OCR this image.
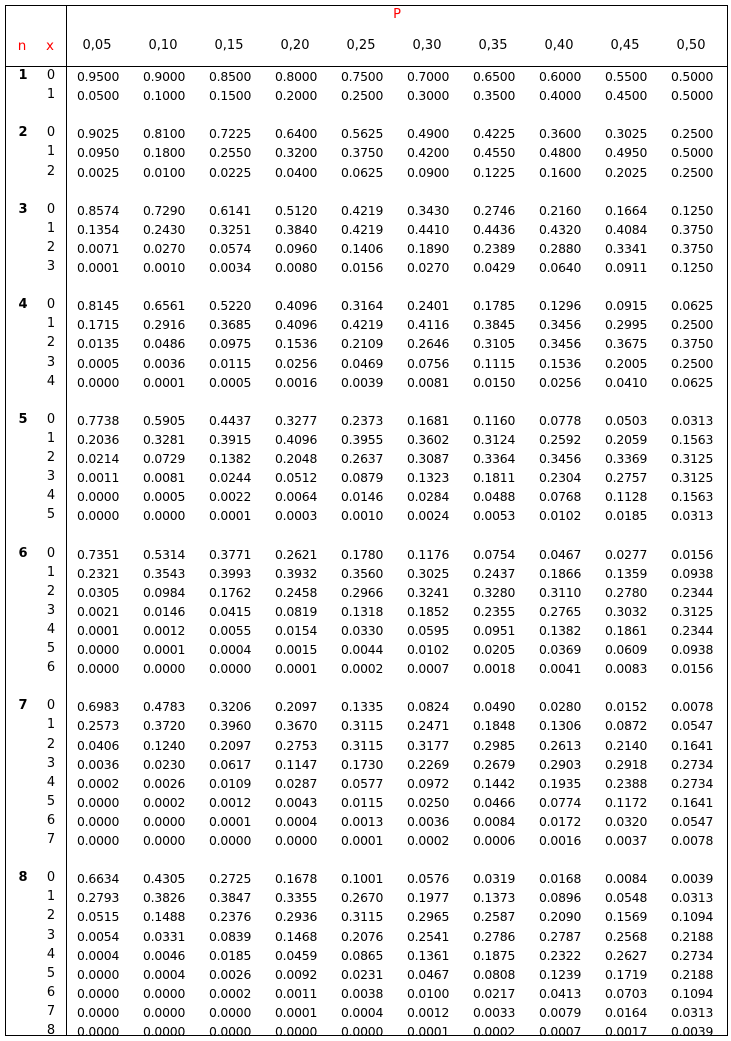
P
n	x	0,05	0,10	0,15	0,20	0,25	0,30	0,35	0,40	0,45	0,50
1	0	0.9500	0.9000	0.8500	0.8000	0.7500	0.7000	0.6500	0.6000	0.5500	0.5000
1	0.0500	0.1000	0.1500	0.2000	0.2500	0.3000	0.3500	0.4000	0.4500	0.5000
2	0	0.9025	0.8100	0.7225	0.6400	0.5625	0.4900	0.4225	0.3600	0.3025	0.2500
1	0.0950	0.1800	0.2550	0.3200	0.3750	0.4200	0.4550	0.4800	0.4950	0.5000
2	0.0025	0.0100	0.0225	0.0400	0.0625	0.0900	0.1225	0.1600	0.2025	0.2500
3	0	0.8574	0.7290	0.6141	0.5120	0.4219	0.3430	0.2746	0.2160	0.1664	0.1250
1	0.1354	0.2430	0.3251	0.3840	0.4219	0.4410	0.4436	0.4320	0.4084	0.3750
2	0.0071	0.0270	0.0574	0.0960	0.1406	0.1890	0.2389	0.2880	0.3341	0.3750
3	0.0001	0.0010	0.0034	0.0080	0.0156	0.0270	0.0429	0.0640	0.0911	0.1250
4	0	0.8145	0.6561	0.5220	0.4096	0.3164	0.2401	0.1785	0.1296	0.0915	0.0625
1	0.1715	0.2916	0.3685	0.4096	0.4219	0.4116	0.3845	0.3456	0.2995	0.2500
2	0.0135	0.0486	0.0975	0.1536	0.2109	0.2646	0.3105	0.3456	0.3675	0.3750
3	0.0005	0.0036	0.0115	0.0256	0.0469	0.0756	0.1115	0.1536	0.2005	0.2500
4	0.0000	0.0001	0.0005	0.0016	0.0039	0.0081	0.0150	0.0256	0.0410	0.0625
5	0	0.7738	0.5905	0.4437	0.3277	0.2373	0.1681	0.1160	0.0778	0.0503	0.0313
1	0.2036	0.3281	0.3915	0.4096	0.3955	0.3602	0.3124	0.2592	0.2059	0.1563
2	0.0214	0.0729	0.1382	0.2048	0.2637	0.3087	0.3364	0.3456	0.3369	0.3125
3	0.0011	0.0081	0.0244	0.0512	0.0879	0.1323	0.1811	0.2304	0.2757	0.3125
4	0.0000	0.0005	0.0022	0.0064	0.0146	0.0284	0.0488	0.0768	0.1128	0.1563
5	0.0000	0.0000	0.0001	0.0003	0.0010	0.0024	0.0053	0.0102	0.0185	0.0313
6	0	0.7351	0.5314	0.3771	0.2621	0.1780	0.1176	0.0754	0.0467	0.0277	0.0156
1	0.2321	0.3543	0.3993	0.3932	0.3560	0.3025	0.2437	0.1866	0.1359	0.0938
2	0.0305	0.0984	0.1762	0.2458	0.2966	0.3241	0.3280	0.3110	0.2780	0.2344
3	0.0021	0.0146	0.0415	0.0819	0.1318	0.1852	0.2355	0.2765	0.3032	0.3125
4	0.0001	0.0012	0.0055	0.0154	0.0330	0.0595	0.0951	0.1382	0.1861	0.2344
5	0.0000	0.0001	0.0004	0.0015	0.0044	0.0102	0.0205	0.0369	0.0609	0.0938
6	0.0000	0.0000	0.0000	0.0001	0.0002	0.0007	0.0018	0.0041	0.0083	0.0156
7	0	0.6983	0.4783	0.3206	0.2097	0.1335	0.0824	0.0490	0.0280	0.0152	0.0078
1	0.2573	0.3720	0.3960	0.3670	0.3115	0.2471	0.1848	0.1306	0.0872	0.0547
2	0.0406	0.1240	0.2097	0.2753	0.3115	0.3177	0.2985	0.2613	0.2140	0.1641
3	0.0036	0.0230	0.0617	0.1147	0.1730	0.2269	0.2679	0.2903	0.2918	0.2734
4	0.0002	0.0026	0.0109	0.0287	0.0577	0.0972	0.1442	0.1935	0.2388	0.2734
5	0.0000	0.0002	0.0012	0.0043	0.0115	0.0250	0.0466	0.0774	0.1172	0.1641
6	0.0000	0.0000	0.0001	0.0004	0.0013	0.0036	0.0084	0.0172	0.0320	0.0547
7	0.0000	0.0000	0.0000	0.0000	0.0001	0.0002	0.0006	0.0016	0.0037	0.0078
8	0	0.6634	0.4305	0.2725	0.1678	0.1001	0.0576	0.0319	0.0168	0.0084	0.0039
1	0.2793	0.3826	0.3847	0.3355	0.2670	0.1977	0.1373	0.0896	0.0548	0.0313
2	0.0515	0.1488	0.2376	0.2936	0.3115	0.2965	0.2587	0.2090	0.1569	0.1094
3	0.0054	0.0331	0.0839	0.1468	0.2076	0.2541	0.2786	0.2787	0.2568	0.2188
4	0.0004	0.0046	0.0185	0.0459	0.0865	0.1361	0.1875	0.2322	0.2627	0.2734
5	0.0000	0.0004	0.0026	0.0092	0.0231	0.0467	0.0808	0.1239	0.1719	0.2188
6	0.0000	0.0000	0.0002	0.0011	0.0038	0.0100	0.0217	0.0413	0.0703	0.1094
7	0.0000	0.0000	0.0000	0.0001	0.0004	0.0012	0.0033	0.0079	0.0164	0.0313
8	0.0000	0.0000	0.0000	0.0000	0.0000	0.0001	0.0002	0.0007	0.0017	0.0039
